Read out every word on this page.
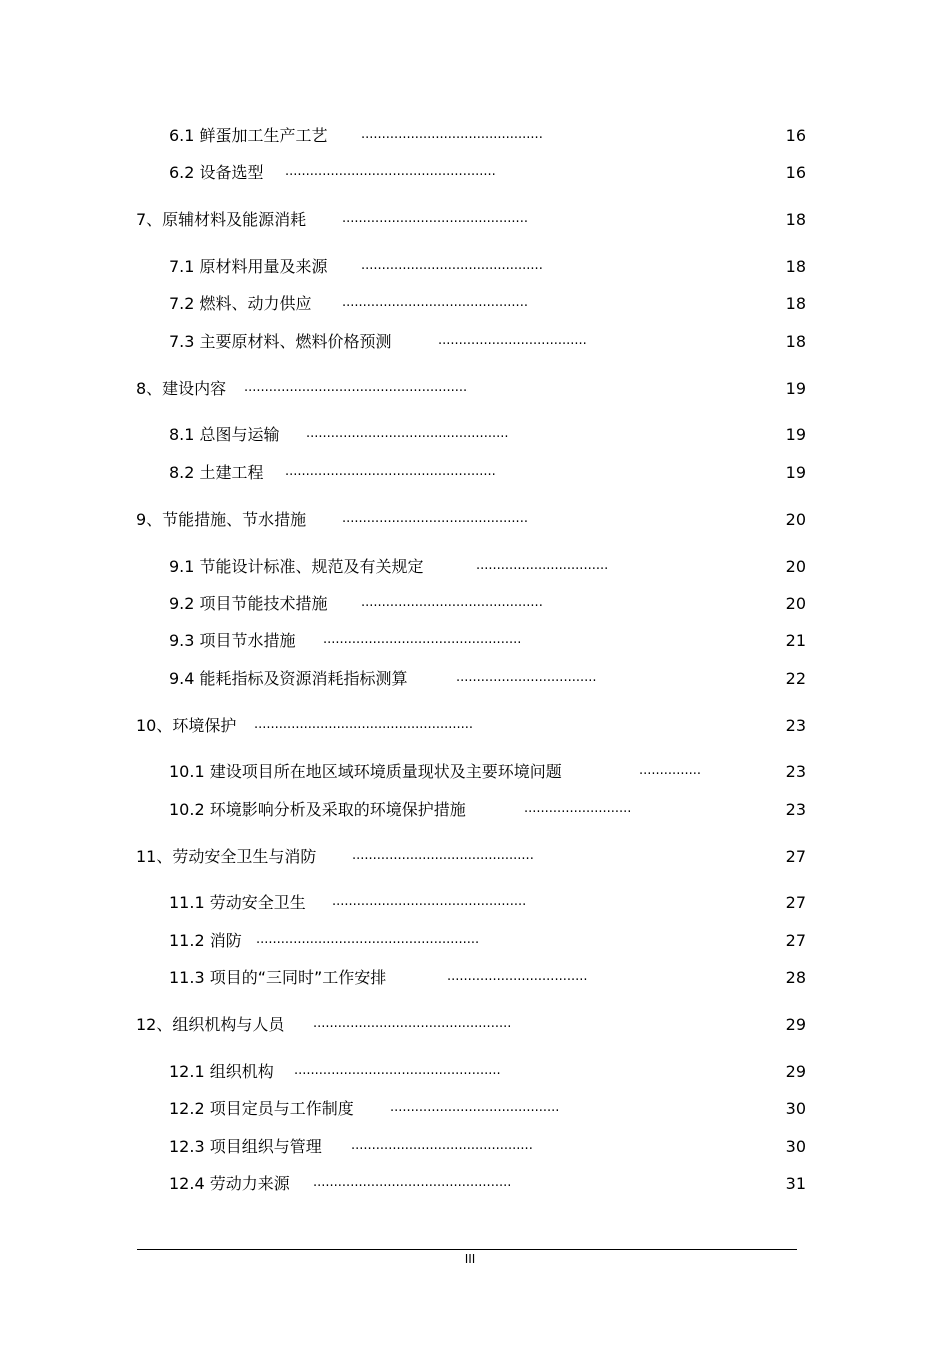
6.1 鲜蛋加工生产工艺	............................................	16
6.2 设备选型 ...................................................	16
7、原辅材料及能源消耗	.............................................	18
7.1 原材料用量及来源	............................................	18
7.2 燃料、动力供应 .............................................	18
7.3 主要原材料、燃料价格预测	....................................	18
8、建设内容 ......................................................	19
8.1 总图与运输 .................................................	19
8.2 土建工程 ...................................................	19
9、节能措施、节水措施	.............................................	20
9.1 节能设计标准、规范及有关规定	................................	20
9.2 项目节能技术措施	............................................	20
9.3 项目节水措施 ................................................	21
9.4 能耗指标及资源消耗指标测算	..................................	22
10、环境保护 .....................................................	23
10.1 建设项目所在地区域环境质量现状及主要环境问题	...............	23
10.2 环境影响分析及采取的环境保护措施	..........................	23
11、劳动安全卫生与消防	............................................	27
11.1 劳动安全卫生 ...............................................	27
11.2 消防 ......................................................	27
11.3 项目的“三同时”工作安排	..................................	28
12、组织机构与人员 ................................................	29
12.1 组织机构 ..................................................	29
12.2 项目定员与工作制度	.........................................	30
12.3 项目组织与管理 ............................................	30
12.4 劳动力来源 ................................................	31
III
